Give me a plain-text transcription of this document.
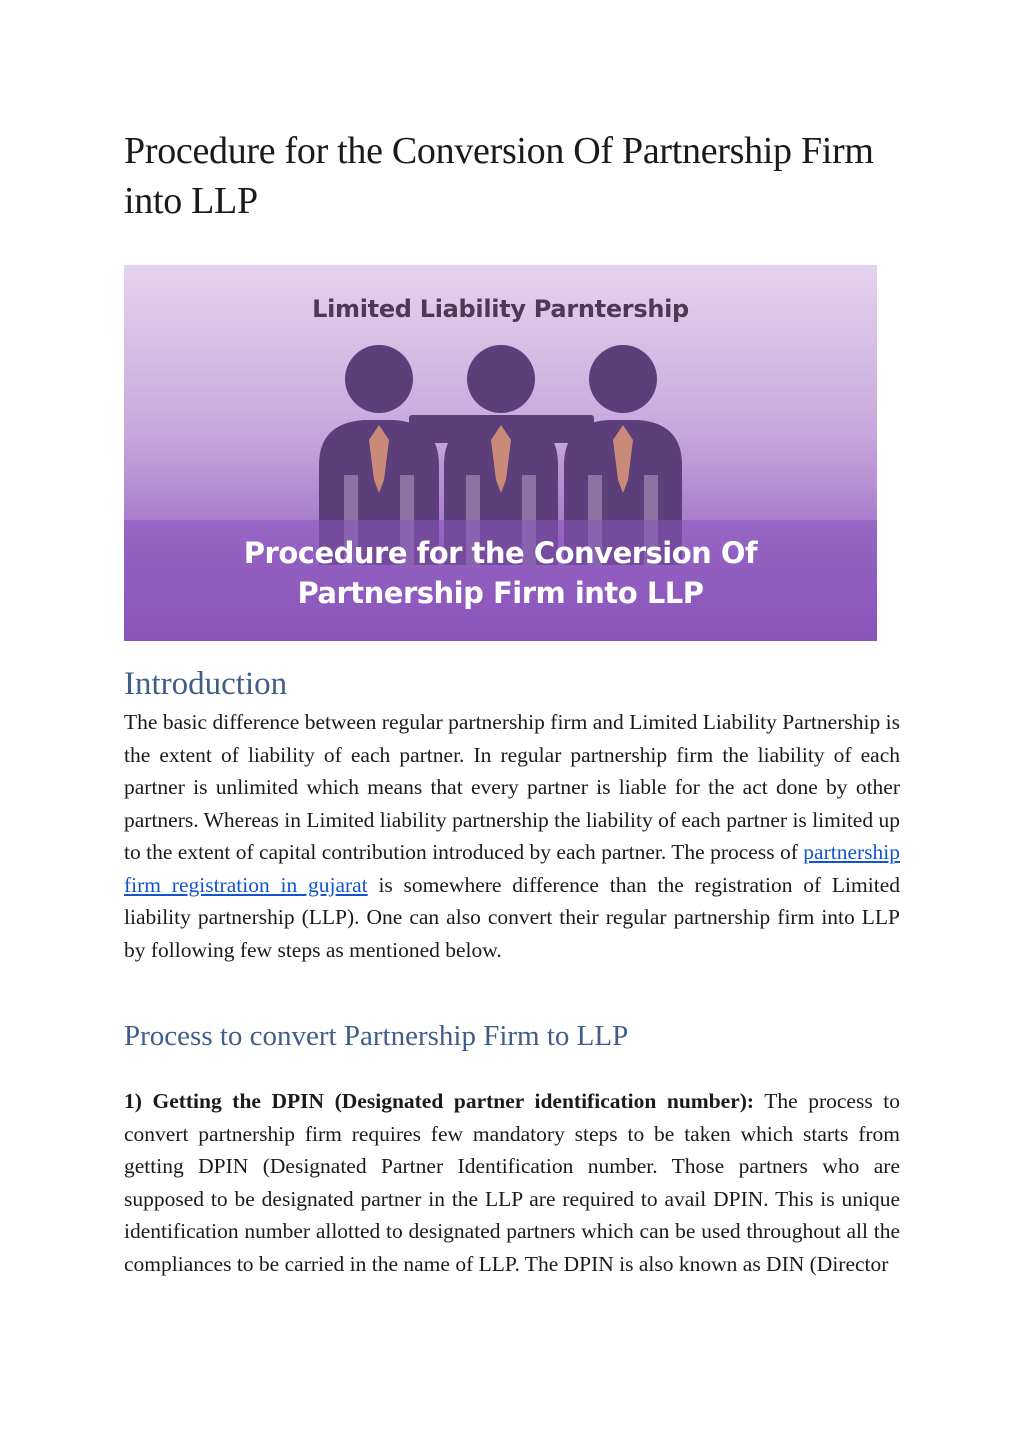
Procedure for the Conversion Of Partnership Firm into LLP
Limited Liability Parntership
Procedure for the Conversion Of
Partnership Firm into LLP
Introduction

The basic difference between regular partnership firm and Limited Liability Partnership is the extent of liability of each partner. In regular partnership firm the liability of each partner is unlimited which means that every partner is liable for the act done by other partners. Whereas in Limited liability partnership the liability of each partner is limited up to the extent of capital contribution introduced by each partner. The process of partnership firm registration in gujarat is somewhere difference than the registration of Limited liability partnership (LLP). One can also convert their regular partnership firm into LLP by following few steps as mentioned below.

Process to convert Partnership Firm to LLP

1) Getting the DPIN (Designated partner identification number): The process to convert partnership firm requires few mandatory steps to be taken which starts from getting DPIN (Designated Partner Identification number. Those partners who are supposed to be designated partner in the LLP are required to avail DPIN. This is unique identification number allotted to designated partners which can be used throughout all the compliances to be carried in the name of LLP. The DPIN is also known as DIN (Director
